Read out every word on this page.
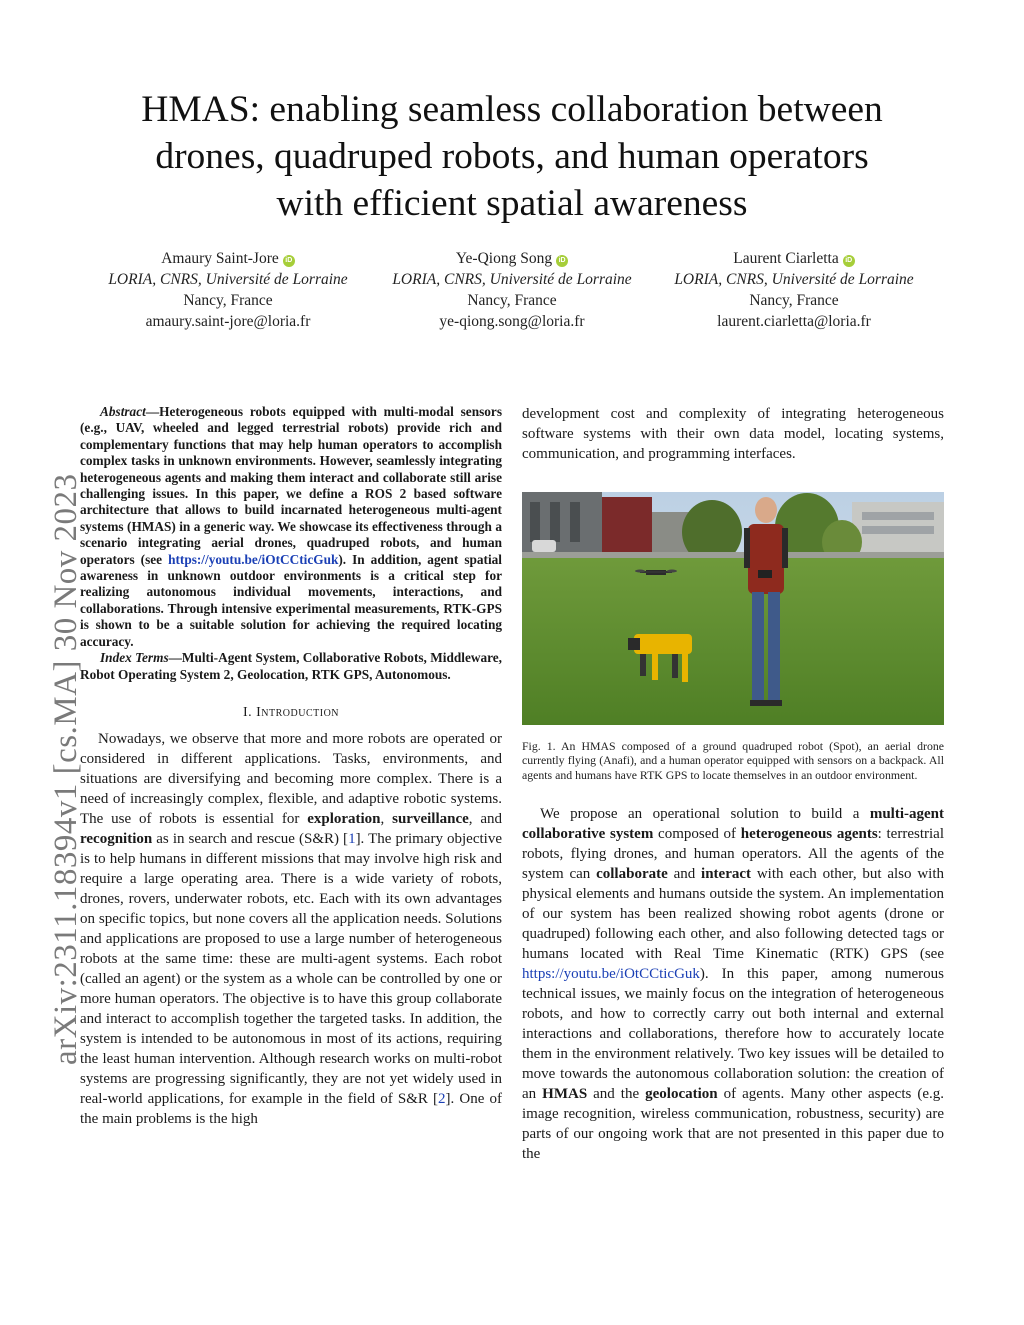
arXiv:2311.18394v1 [cs.MA] 30 Nov 2023
HMAS: enabling seamless collaboration between
drones, quadruped robots, and human operators
with efficient spatial awareness
Amaury Saint-Jore iD
LORIA, CNRS, Université de Lorraine
Nancy, France
amaury.saint-jore@loria.fr
Ye-Qiong Song iD
LORIA, CNRS, Université de Lorraine
Nancy, France
ye-qiong.song@loria.fr
Laurent Ciarletta iD
LORIA, CNRS, Université de Lorraine
Nancy, France
laurent.ciarletta@loria.fr

Abstract—Heterogeneous robots equipped with multi-modal sensors (e.g., UAV, wheeled and legged terrestrial robots) provide rich and complementary functions that may help human operators to accomplish complex tasks in unknown environments. However, seamlessly integrating heterogeneous agents and making them interact and collaborate still arise challenging issues. In this paper, we define a ROS 2 based software architecture that allows to build incarnated heterogeneous multi-agent systems (HMAS) in a generic way. We showcase its effectiveness through a scenario integrating aerial drones, quadruped robots, and human operators (see https://youtu.be/iOtCCticGuk). In addition, agent spatial awareness in unknown outdoor environments is a critical step for realizing autonomous individual movements, interactions, and collaborations. Through intensive experimental measurements, RTK-GPS is shown to be a suitable solution for achieving the required locating accuracy.

Index Terms—Multi-Agent System, Collaborative Robots, Middleware, Robot Operating System 2, Geolocation, RTK GPS, Autonomous.

I. Introduction

Nowadays, we observe that more and more robots are operated or considered in different applications. Tasks, environments, and situations are diversifying and becoming more complex. There is a need of increasingly complex, flexible, and adaptive robotic systems. The use of robots is essential for exploration, surveillance, and recognition as in search and rescue (S&R) [1]. The primary objective is to help humans in different missions that may involve high risk and require a large operating area. There is a wide variety of robots, drones, rovers, underwater robots, etc. Each with its own advantages on specific topics, but none covers all the application needs. Solutions and applications are proposed to use a large number of heterogeneous robots at the same time: these are multi-agent systems. Each robot (called an agent) or the system as a whole can be controlled by one or more human operators. The objective is to have this group collaborate and interact to accomplish together the targeted tasks. In addition, the system is intended to be autonomous in most of its actions, requiring the least human intervention. Although research works on multi-robot systems are progressing significantly, they are not yet widely used in real-world applications, for example in the field of S&R [2]. One of the main problems is the high

development cost and complexity of integrating heterogeneous software systems with their own data model, locating systems, communication, and programming interfaces.

Fig. 1. An HMAS composed of a ground quadruped robot (Spot), an aerial drone currently flying (Anafi), and a human operator equipped with sensors on a backpack. All agents and humans have RTK GPS to locate themselves in an outdoor environment.

We propose an operational solution to build a multi-agent collaborative system composed of heterogeneous agents: terrestrial robots, flying drones, and human operators. All the agents of the system can collaborate and interact with each other, but also with physical elements and humans outside the system. An implementation of our system has been realized showing robot agents (drone or quadruped) following each other, and also following detected tags or humans located with Real Time Kinematic (RTK) GPS (see https://youtu.be/iOtCCticGuk). In this paper, among numerous technical issues, we mainly focus on the integration of heterogeneous robots, and how to correctly carry out both internal and external interactions and collaborations, therefore how to accurately locate them in the environment relatively. Two key issues will be detailed to move towards the autonomous collaboration solution: the creation of an HMAS and the geolocation of agents. Many other aspects (e.g. image recognition, wireless communication, robustness, security) are parts of our ongoing work that are not presented in this paper due to the
